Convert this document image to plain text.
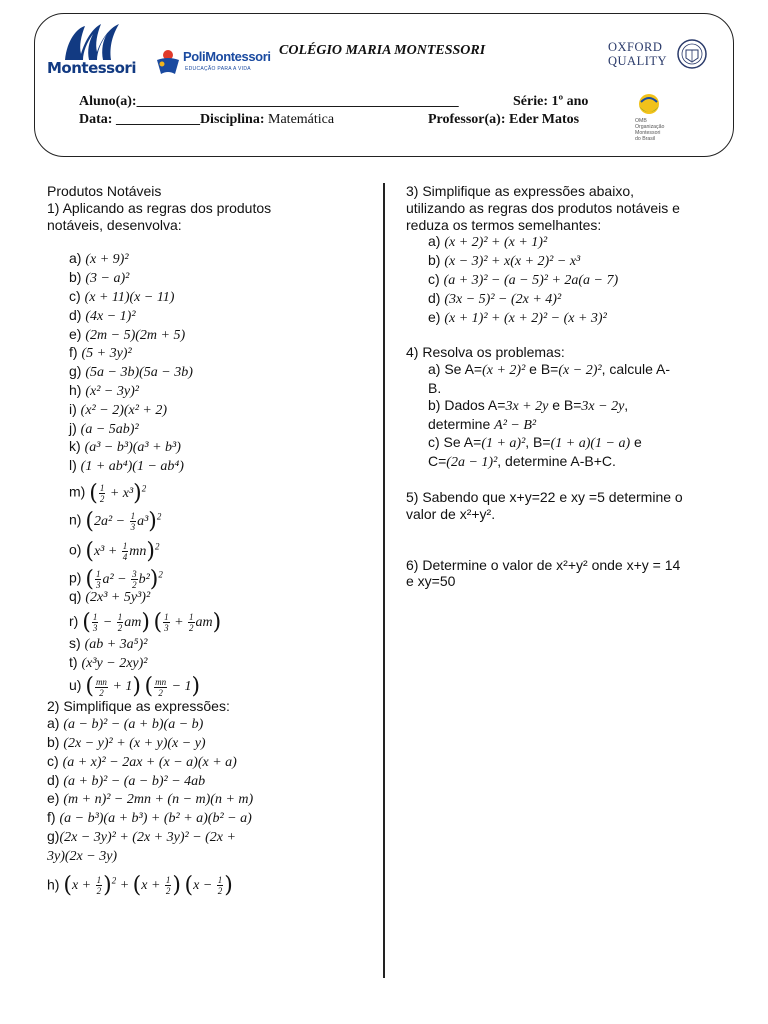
Montessori
PoliMontessori
EDUCAÇÃO PARA A VIDA
COLÉGIO MARIA MONTESSORI	OXFORD
QUALITY
OMB
Organização
Montessori
do Brasil
Aluno(a):______________________________________________	Série: 1º ano
Data: ____________Disciplina: Matemática	Professor(a): Eder Matos
Produtos Notáveis
1) Aplicando as regras dos produtos
notáveis, desenvolva:
a) (x + 9)²
b) (3 − a)²
c) (x + 11)(x − 11)
d) (4x − 1)²
e) (2m − 5)(2m + 5)
f) (5 + 3y)²
g) (5a − 3b)(5a − 3b)
h) (x² − 3y)²
i) (x² − 2)(x² + 2)
j) (a − 5ab)²
k) (a³ − b³)(a³ + b³)
l) (1 + ab⁴)(1 − ab⁴)
m) ( $\frac{1}{2} + x^3)^2$
n) $(2a^2 - \frac{1}{3} a^3)^2$
o) $(x^3 + \frac{1}{4} mn)^2$
p) ( $\frac{1}{3} a^2 - \frac{3}{2} b^2)^2$
q) (2x³ + 5y³)²
r) ( $\frac{1}{3} - \frac{1}{2} am$) ( $\frac{1}{3} + \frac{1}{2} am$)
s) (ab + 3a⁵)²
t) (x³y − 2xy)²
u) ( $\frac{mn}{2} + 1$) ( $\frac{mn}{2} - 1$)
2) Simplifique as expressões:
a) (a − b)² − (a + b)(a − b)
b) (2x − y)² + (x + y)(x − y)
c) (a + x)² − 2ax + (x − a)(x + a)
d) (a + b)² − (a − b)² − 4ab
e) (m + n)² − 2mn + (n − m)(n + m)
f) (a − b³)(a + b³) + (b² + a)(b² − a)
g)(2x − 3y)² + (2x + 3y)² − (2x +
3y)(2x − 3y)
h) $(x + \frac{1}{2} )^2 + (x + \frac{1}{2}$ ) ($x - \frac{1}{2}$ )
3) Simplifique as expressões abaixo,
utilizando as regras dos produtos notáveis e
reduza os termos semelhantes:
a) (x + 2)² + (x + 1)²
b) (x − 3)² + x(x + 2)² − x³
c) (a + 3)² − (a − 5)² + 2a(a − 7)
d) (3x − 5)² − (2x + 4)²
e) (x + 1)² + (x + 2)² − (x + 3)²
4) Resolva os problemas:
a) Se A=(x + 2)² e B=(x − 2)², calcule A-
B.
b) Dados A=3x + 2y e B=3x − 2y,
determine A² − B²
c) Se A=(1 + a)², B=(1 + a)(1 − a) e
C=(2a − 1)², determine A-B+C.
5) Sabendo que x+y=22 e xy =5 determine o
valor de x²+y².
6) Determine o valor de x²+y² onde x+y = 14
e xy=50
